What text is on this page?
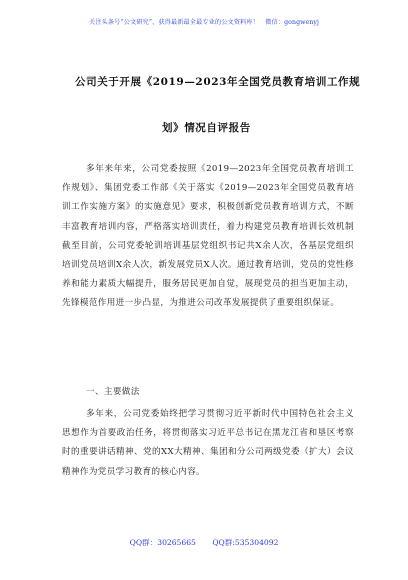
关注头条号“公文研究”，获得最新最全最专业的公文资料库！　微信：gongwenyj
公司关于开展《2019—2023年全国党员教育培训工作规
划》情况自评报告
多年来年来，公司党委按照《2019—2023年全国党员教育培训工作规划》、集团党委工作部《关于落实《2019—2023年全国党员教育培训工作实施方案》的实施意见》要求，积极创新党员教育培训方式，不断丰富教育培训内容，严格落实培训责任，着力构建党员教育培训长效机制截至目前，公司党委轮训培训基层党组织书记共X余人次，各基层党组织培训党员培训X余人次，新发展党员X人次。通过教育培训，党员的党性修养和能力素质大幅提升，服务居民更加自觉，展现党员的担当更加主动，先锋模范作用进一步凸显，为推进公司改革发展提供了重要组织保证。
一、主要做法
多年来，公司党委始终把学习贯彻习近平新时代中国特色社会主义思想作为首要政治任务，将贯彻落实习近平总书记在黑龙江省和垦区考察时的重要讲话精神、党的XX大精神、集团和分公司两级党委（扩大）会议精神作为党员学习教育的核心内容。
QQ群：30265665 QQ群:535304092
